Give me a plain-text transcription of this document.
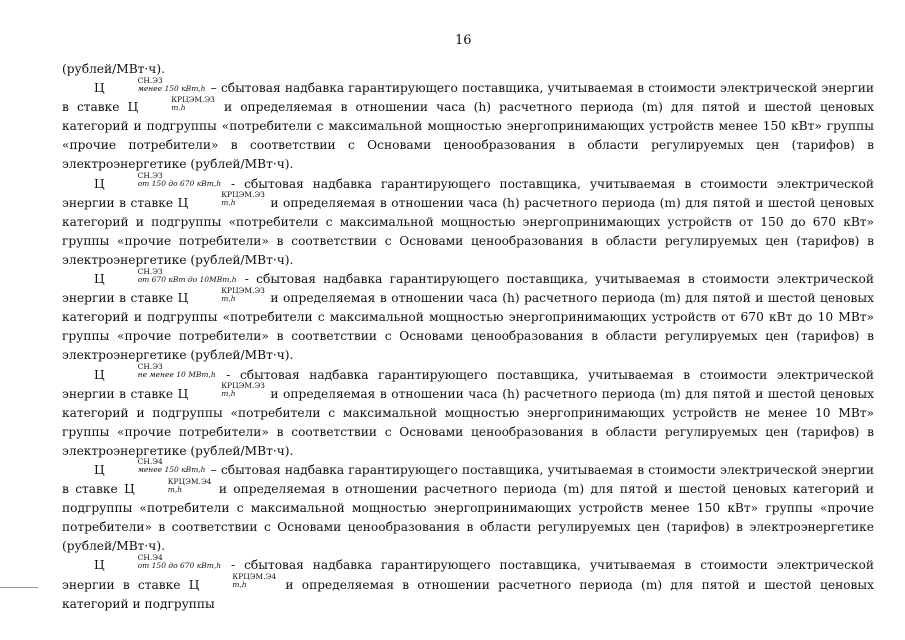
16

(рублей/МВт·ч).

Ц
СН.ЭЗ
менее 150 кВт,h – сбытовая надбавка гарантирующего поставщика, учитываемая в стоимости электрической энергии в ставке Ц
КРЦЭМ.ЭЗ
m,h	и определяемая в отношении часа (h) расчетного периода (m) для пятой и шестой ценовых категорий и подгруппы «потребители с максимальной мощностью энергопринимающих устройств менее 150 кВт» группы «прочие потребители» в соответствии с Основами ценообразования в области регулируемых цен (тарифов) в электроэнергетике (рублей/МВт·ч).

Ц
СН.ЭЗ
от 150 до 670 кВт,h - сбытовая надбавка гарантирующего поставщика, учитываемая в стоимости электрической энергии в ставке Ц
КРЦЭМ.ЭЗ
m,h	и определяемая в отношении часа (h) расчетного периода (m) для пятой и шестой ценовых категорий и подгруппы «потребители с максимальной мощностью энергопринимающих устройств от 150 до 670 кВт» группы «прочие потребители» в соответствии с Основами ценообразования в области регулируемых цен (тарифов) в электроэнергетике (рублей/МВт·ч).

Ц
СН.ЭЗ
от 670 кВт до 10МВт,h - сбытовая надбавка гарантирующего поставщика, учитываемая в стоимости электрической энергии в ставке Ц
КРЦЭМ.ЭЗ
m,h	и определяемая в отношении часа (h) расчетного периода (m) для пятой и шестой ценовых категорий и подгруппы «потребители с максимальной мощностью энергопринимающих устройств от 670 кВт до 10 МВт» группы «прочие потребители» в соответствии с Основами ценообразования в области регулируемых цен (тарифов) в электроэнергетике (рублей/МВт·ч).

Ц
СН.ЭЗ
не менее 10 МВт,h - сбытовая надбавка гарантирующего поставщика, учитываемая в стоимости электрической энергии в ставке Ц
КРЦЭМ.ЭЗ
m,h	и определяемая в отношении часа (h) расчетного периода (m) для пятой и шестой ценовых категорий и подгруппы «потребители с максимальной мощностью энергопринимающих устройств не менее 10 МВт» группы «прочие потребители» в соответствии с Основами ценообразования в области регулируемых цен (тарифов) в электроэнергетике (рублей/МВт·ч).

Ц
СН.Э4
менее 150 кВт,h – сбытовая надбавка гарантирующего поставщика, учитываемая в стоимости электрической энергии в ставке Ц
КРЦЭМ.Э4
m,h	и определяемая в отношении расчетного периода (m) для пятой и шестой ценовых категорий и подгруппы «потребители с максимальной мощностью энергопринимающих устройств менее 150 кВт» группы «прочие потребители» в соответствии с Основами ценообразования в области регулируемых цен (тарифов) в электроэнергетике (рублей/МВт·ч).

Ц
СН.Э4
от 150 до 670 кВт,h - сбытовая надбавка гарантирующего поставщика, учитываемая в стоимости электрической энергии в ставке Ц
КРЦЭМ.Э4
m,h	и определяемая в отношении расчетного периода (m) для пятой и шестой ценовых категорий и подгруппы
